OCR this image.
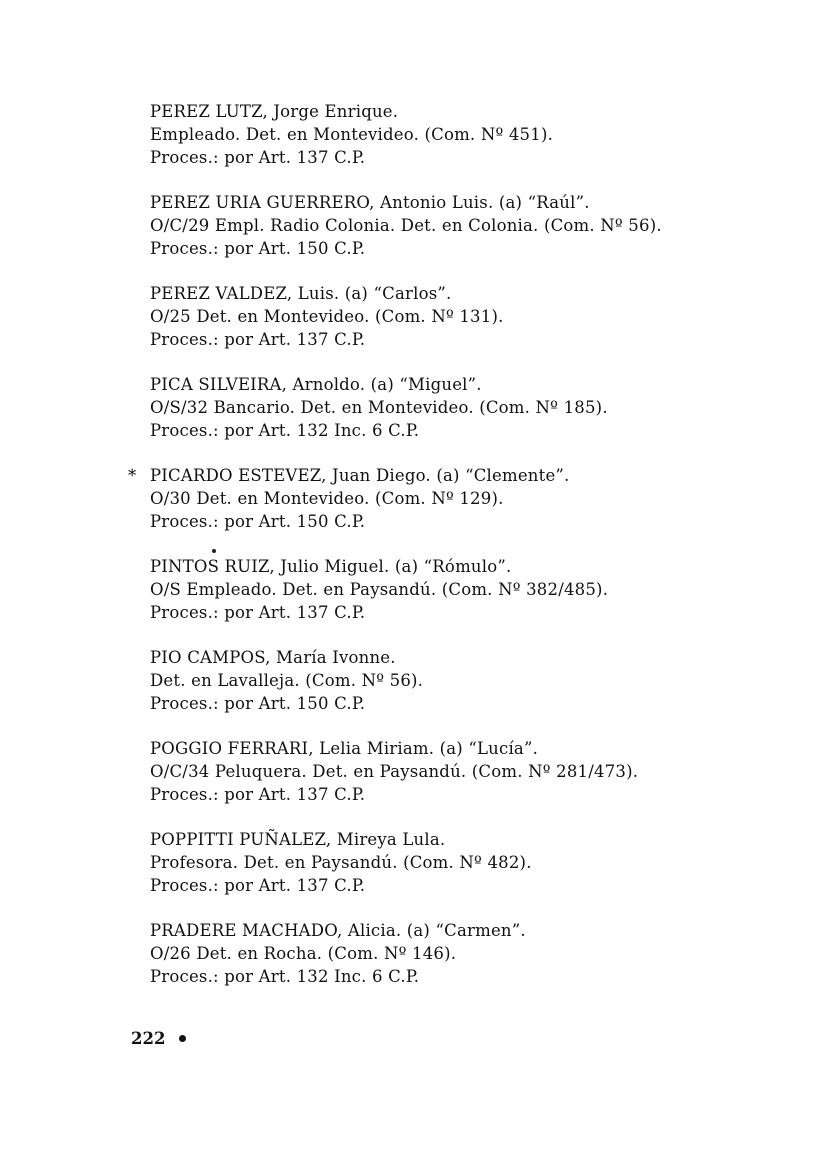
PEREZ LUTZ, Jorge Enrique.
Empleado. Det. en Montevideo. (Com. Nº 451).
Proces.: por Art. 137 C.P.
PEREZ URIA GUERRERO, Antonio Luis. (a) “Raúl”.
O/C/29 Empl. Radio Colonia. Det. en Colonia. (Com. Nº 56).
Proces.: por Art. 150 C.P.
PEREZ VALDEZ, Luis. (a) “Carlos”.
O/25 Det. en Montevideo. (Com. Nº 131).
Proces.: por Art. 137 C.P.
PICA SILVEIRA, Arnoldo. (a) “Miguel”.
O/S/32 Bancario. Det. en Montevideo. (Com. Nº 185).
Proces.: por Art. 132 Inc. 6 C.P.
* PICARDO ESTEVEZ, Juan Diego. (a) “Clemente”.
O/30 Det. en Montevideo. (Com. Nº 129).
Proces.: por Art. 150 C.P.
PINTOS RUIZ, Julio Miguel. (a) “Rómulo”.
O/S Empleado. Det. en Paysandú. (Com. Nº 382/485).
Proces.: por Art. 137 C.P.
PIO CAMPOS, María Ivonne.
Det. en Lavalleja. (Com. Nº 56).
Proces.: por Art. 150 C.P.
POGGIO FERRARI, Lelia Miriam. (a) “Lucía”.
O/C/34 Peluquera. Det. en Paysandú. (Com. Nº 281/473).
Proces.: por Art. 137 C.P.
POPPITTI PUÑALEZ, Mireya Lula.
Profesora. Det. en Paysandú. (Com. Nº 482).
Proces.: por Art. 137 C.P.
PRADERE MACHADO, Alicia. (a) “Carmen”.
O/26 Det. en Rocha. (Com. Nº 146).
Proces.: por Art. 132 Inc. 6 C.P.
222
